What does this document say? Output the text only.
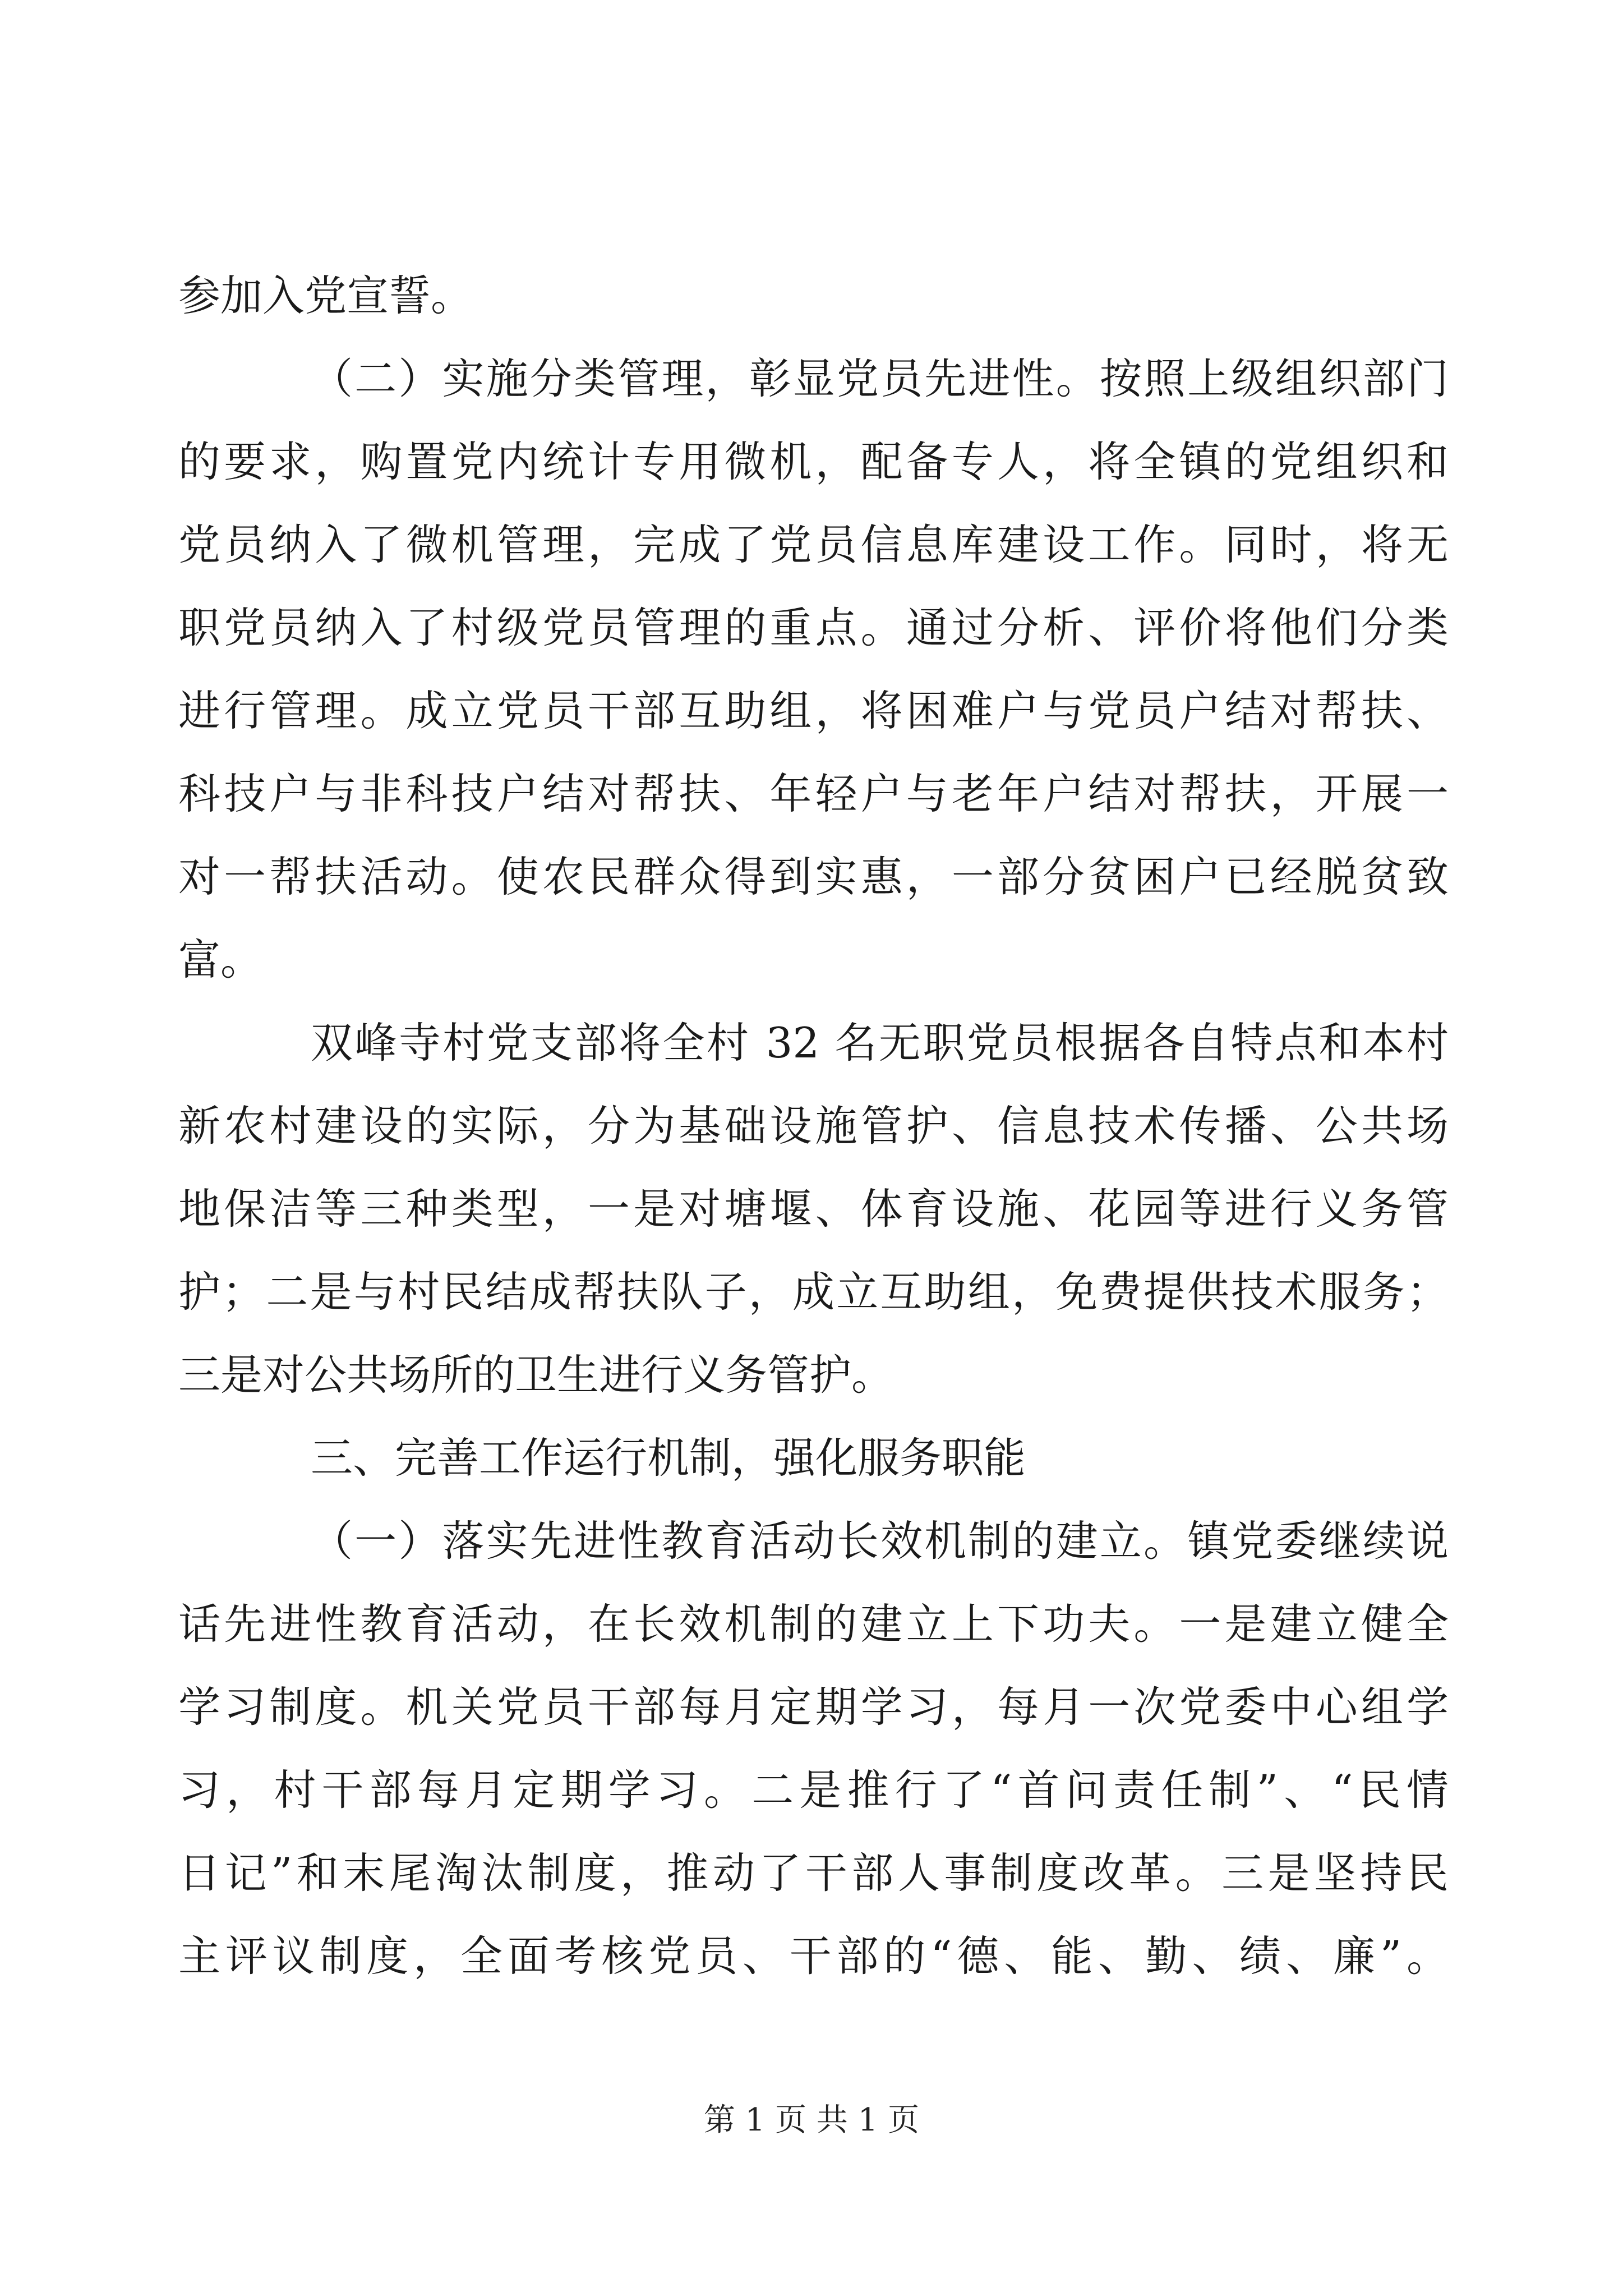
参加入党宣誓。
（二）实施分类管理，彰显党员先进性。按照上级组织部门
的要求，购置党内统计专用微机，配备专人，将全镇的党组织和
党员纳入了微机管理，完成了党员信息库建设工作。同时，将无
职党员纳入了村级党员管理的重点。通过分析、评价将他们分类
进行管理。成立党员干部互助组，将困难户与党员户结对帮扶、
科技户与非科技户结对帮扶、年轻户与老年户结对帮扶，开展一
对一帮扶活动。使农民群众得到实惠，一部分贫困户已经脱贫致
富。
双峰寺村党支部将全村 32 名无职党员根据各自特点和本村
新农村建设的实际，分为基础设施管护、信息技术传播、公共场
地保洁等三种类型，一是对塘堰、体育设施、花园等进行义务管
护；二是与村民结成帮扶队子，成立互助组，免费提供技术服务；
三是对公共场所的卫生进行义务管护。
三、完善工作运行机制，强化服务职能
（一）落实先进性教育活动长效机制的建立。镇党委继续说
话先进性教育活动，在长效机制的建立上下功夫。一是建立健全
学习制度。机关党员干部每月定期学习，每月一次党委中心组学
习，村干部每月定期学习。二是推行了“首问责任制”、“民情
日记”和末尾淘汰制度，推动了干部人事制度改革。三是坚持民
主评议制度，全面考核党员、干部的“德、能、勤、绩、廉”。
第 1 页 共 1 页
